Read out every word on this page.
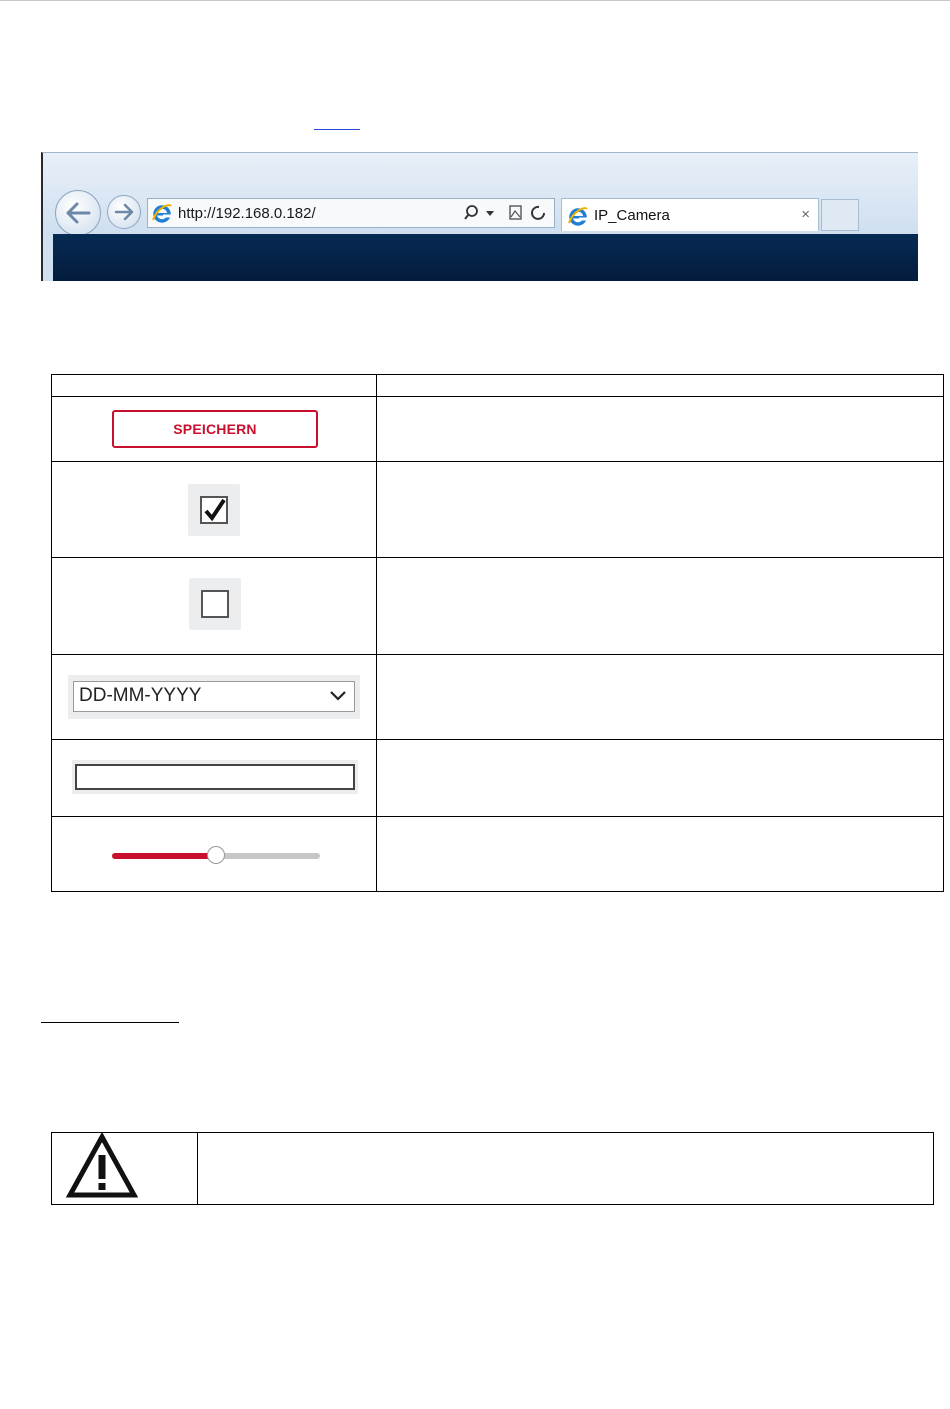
http://192.168.0.182/	IP_Camera	×

SPEICHERN	

DD-MM-YYYY	
